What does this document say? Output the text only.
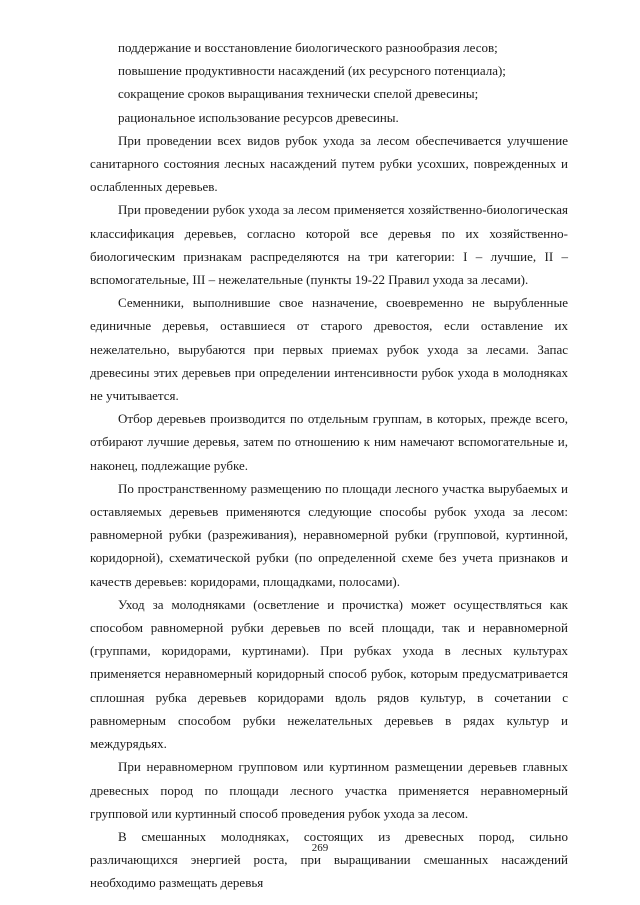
поддержание и восстановление биологического разнообразия лесов;

повышение продуктивности насаждений (их ресурсного потенциала);

сокращение сроков выращивания технически спелой древесины;

рациональное использование ресурсов древесины.

При проведении всех видов рубок ухода за лесом обеспечивается улучшение санитарного состояния лесных насаждений путем рубки усохших, поврежденных и ослабленных деревьев.

При проведении рубок ухода за лесом применяется хозяйственно-биологическая классификация деревьев, согласно которой все деревья по их хозяйственно-биологическим признакам распределяются на три категории: I – лучшие, II – вспомогательные, III – нежелательные (пункты 19-22 Правил ухода за лесами).

Семенники, выполнившие свое назначение, своевременно не вырубленные единичные деревья, оставшиеся от старого древостоя, если оставление их нежелательно, вырубаются при первых приемах рубок ухода за лесами. Запас древесины этих деревьев при определении интенсивности рубок ухода в молодняках не учитывается.

Отбор деревьев производится по отдельным группам, в которых, прежде всего, отбирают лучшие деревья, затем по отношению к ним намечают вспомогательные и, наконец, подлежащие рубке.

По пространственному размещению по площади лесного участка вырубаемых и оставляемых деревьев применяются следующие способы рубок ухода за лесом: равномерной рубки (разреживания), неравномерной рубки (групповой, куртинной, коридорной), схематической рубки (по определенной схеме без учета признаков и качеств деревьев: коридорами, площадками, полосами).

Уход за молодняками (осветление и прочистка) может осуществляться как способом равномерной рубки деревьев по всей площади, так и неравномерной (группами, коридорами, куртинами). При рубках ухода в лесных культурах применяется неравномерный коридорный способ рубок, которым предусматривается сплошная рубка деревьев коридорами вдоль рядов культур, в сочетании с равномерным способом рубки нежелательных деревьев в рядах культур и междурядьях.

При неравномерном групповом или куртинном размещении деревьев главных древесных пород по площади лесного участка применяется неравномерный групповой или куртинный способ проведения рубок ухода за лесом.

В смешанных молодняках, состоящих из древесных пород, сильно различающихся энергией роста, при выращивании смешанных насаждений необходимо размещать деревья

269
